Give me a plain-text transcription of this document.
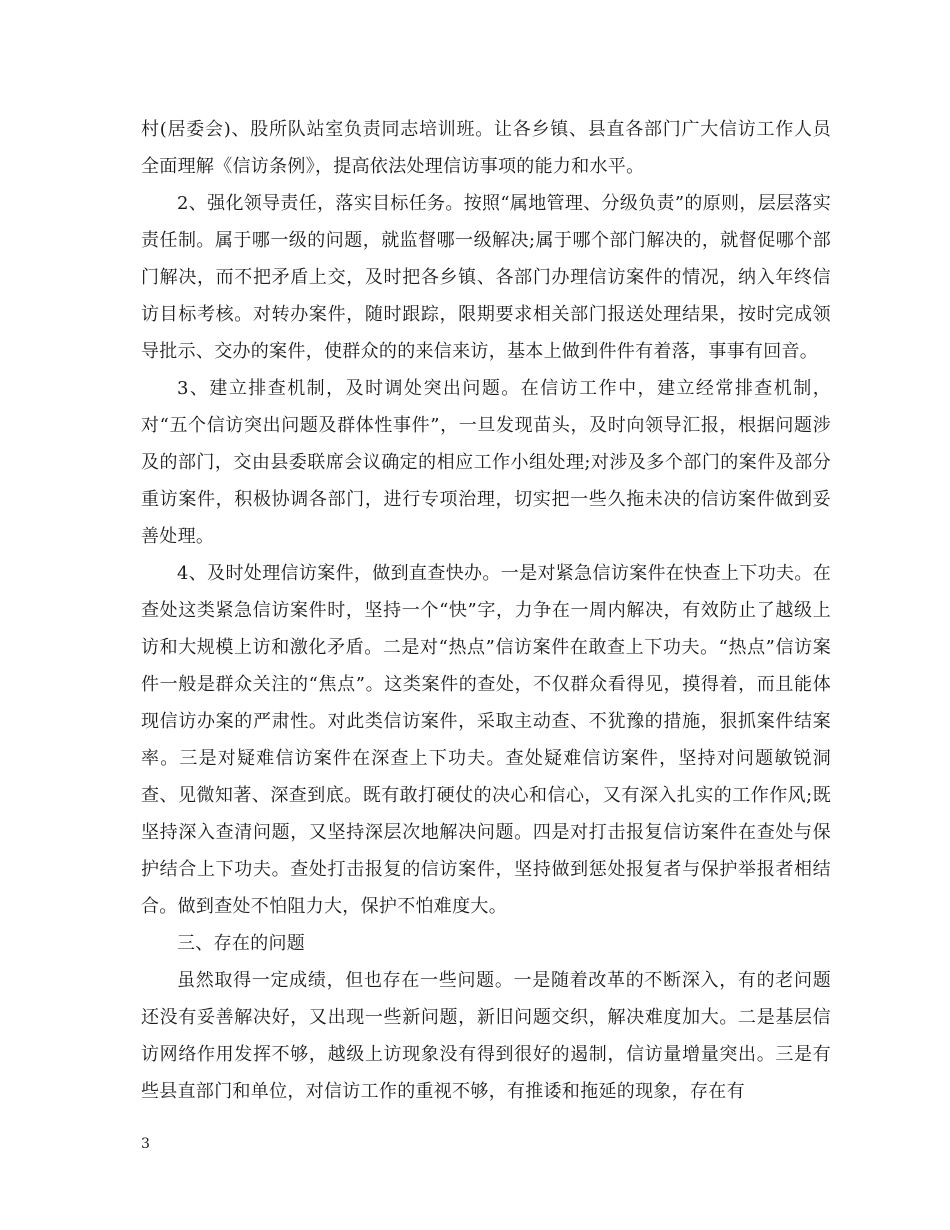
村(居委会)、股所队站室负责同志培训班。让各乡镇、县直各部门广大信访工作人员全面理解《信访条例》，提高依法处理信访事项的能力和水平。

2、强化领导责任，落实目标任务。按照“属地管理、分级负责”的原则，层层落实责任制。属于哪一级的问题，就监督哪一级解决;属于哪个部门解决的，就督促哪个部门解决，而不把矛盾上交，及时把各乡镇、各部门办理信访案件的情况，纳入年终信访目标考核。对转办案件，随时跟踪，限期要求相关部门报送处理结果，按时完成领导批示、交办的案件，使群众的的来信来访，基本上做到件件有着落，事事有回音。

3、建立排查机制，及时调处突出问题。在信访工作中，建立经常排查机制，对“五个信访突出问题及群体性事件”，一旦发现苗头，及时向领导汇报，根据问题涉及的部门，交由县委联席会议确定的相应工作小组处理;对涉及多个部门的案件及部分重访案件，积极协调各部门，进行专项治理，切实把一些久拖未决的信访案件做到妥善处理。

4、及时处理信访案件，做到直查快办。一是对紧急信访案件在快查上下功夫。在查处这类紧急信访案件时，坚持一个“快”字，力争在一周内解决，有效防止了越级上访和大规模上访和激化矛盾。二是对“热点”信访案件在敢查上下功夫。“热点”信访案件一般是群众关注的“焦点”。这类案件的查处，不仅群众看得见，摸得着，而且能体现信访办案的严肃性。对此类信访案件，采取主动查、不犹豫的措施，狠抓案件结案率。三是对疑难信访案件在深查上下功夫。查处疑难信访案件，坚持对问题敏锐洞查、见微知著、深查到底。既有敢打硬仗的决心和信心，又有深入扎实的工作作风;既坚持深入查清问题，又坚持深层次地解决问题。四是对打击报复信访案件在查处与保护结合上下功夫。查处打击报复的信访案件，坚持做到惩处报复者与保护举报者相结合。做到查处不怕阻力大，保护不怕难度大。

三、存在的问题

虽然取得一定成绩，但也存在一些问题。一是随着改革的不断深入，有的老问题还没有妥善解决好，又出现一些新问题，新旧问题交织，解决难度加大。二是基层信访网络作用发挥不够，越级上访现象没有得到很好的遏制，信访量增量突出。三是有些县直部门和单位，对信访工作的重视不够，有推诿和拖延的现象，存在有

3
